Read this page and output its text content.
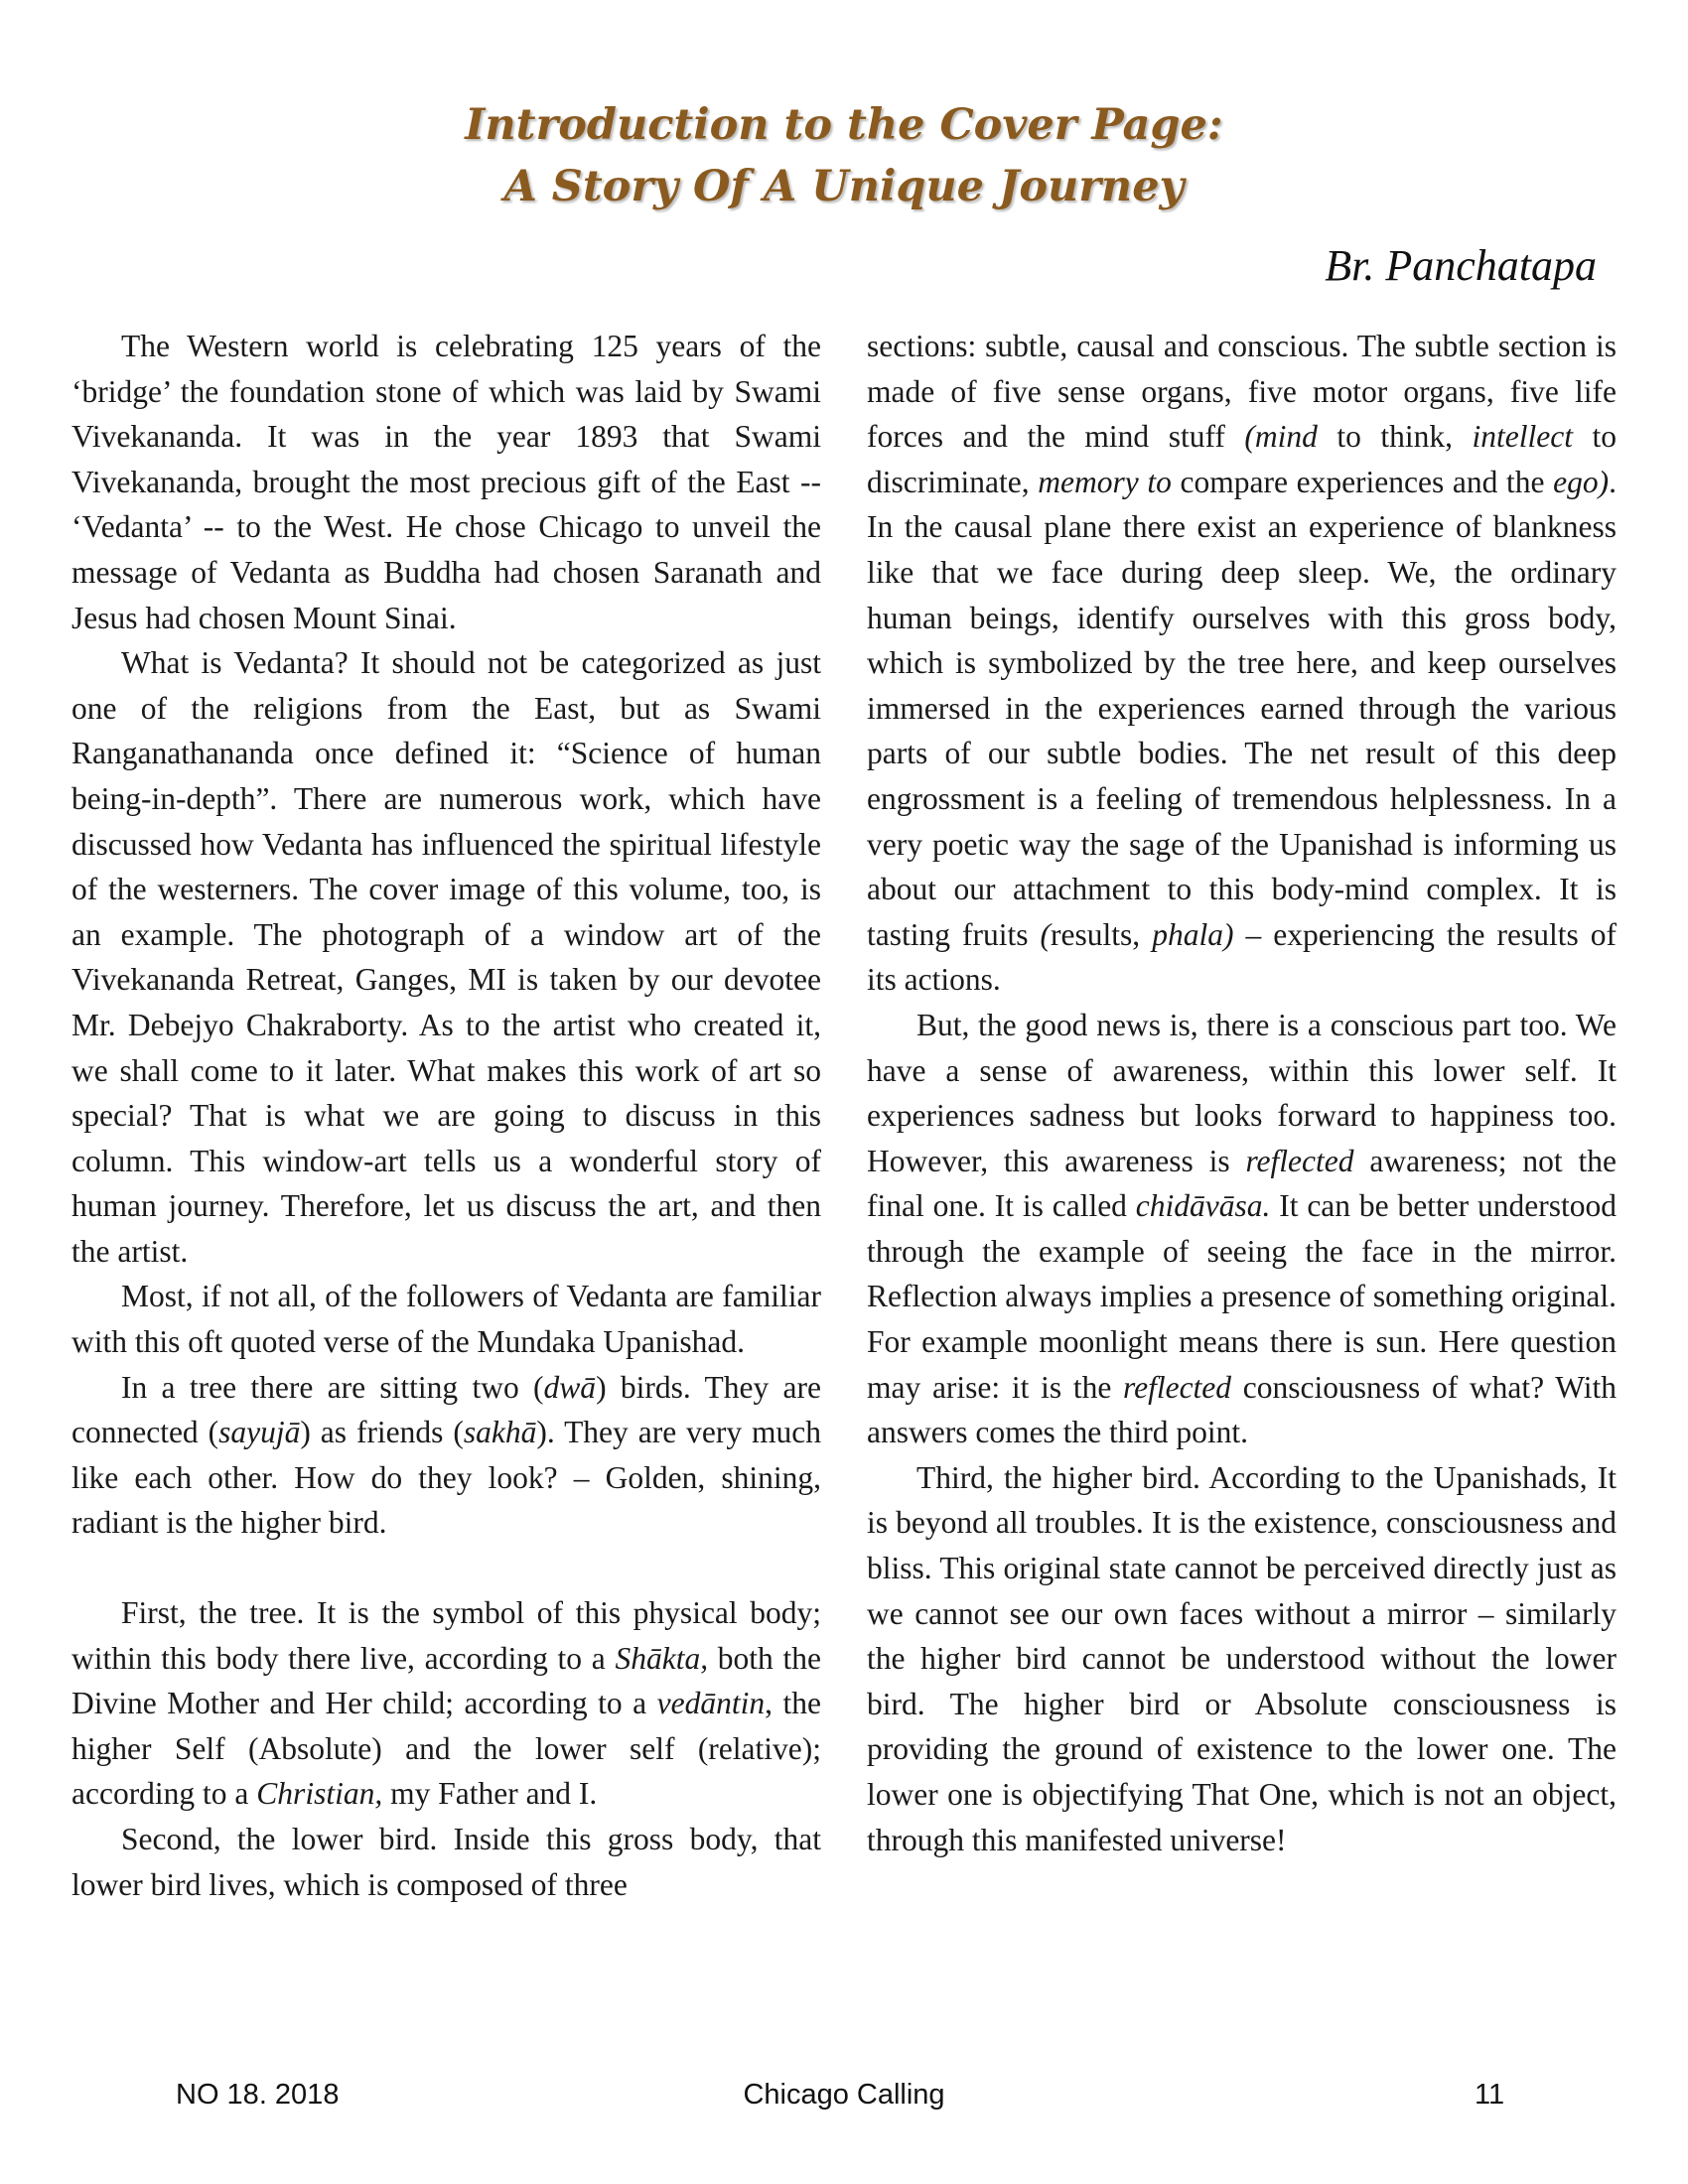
Introduction to the Cover Page:
A Story Of A Unique Journey
Br. Panchatapa

The Western world is celebrating 125 years of the ‘bridge’ the foundation stone of which was laid by Swami Vivekananda. It was in the year 1893 that Swami Vivekananda, brought the most precious gift of the East -- ‘Vedanta’ -- to the West. He chose Chicago to unveil the message of Vedanta as Buddha had chosen Saranath and Jesus had chosen Mount Sinai.

What is Vedanta? It should not be categorized as just one of the religions from the East, but as Swami Ranganathananda once defined it: “Science of human being-in-depth”. There are numerous work, which have discussed how Vedanta has influenced the spiritual lifestyle of the westerners. The cover image of this volume, too, is an example. The photograph of a window art of the Vivekananda Retreat, Ganges, MI is taken by our devotee Mr. Debejyo Chakraborty. As to the artist who created it, we shall come to it later. What makes this work of art so special? That is what we are going to discuss in this column. This window-art tells us a wonderful story of human journey. Therefore, let us discuss the art, and then the artist.

Most, if not all, of the followers of Vedanta are familiar with this oft quoted verse of the Mundaka Upanishad.

In a tree there are sitting two (dwā) birds. They are connected (sayujā) as friends (sakhā). They are very much like each other. How do they look? – Golden, shining, radiant is the higher bird.

First, the tree. It is the symbol of this physical body; within this body there live, according to a Shākta, both the Divine Mother and Her child; according to a vedāntin, the higher Self (Absolute) and the lower self (relative); according to a Christian, my Father and I.

Second, the lower bird. Inside this gross body, that lower bird lives, which is composed of three

sections: subtle, causal and conscious. The subtle section is made of five sense organs, five motor organs, five life forces and the mind stuff (mind to think, intellect to discriminate, memory to compare experiences and the ego). In the causal plane there exist an experience of blankness like that we face during deep sleep. We, the ordinary human beings, identify ourselves with this gross body, which is symbolized by the tree here, and keep ourselves immersed in the experiences earned through the various parts of our subtle bodies. The net result of this deep engrossment is a feeling of tremendous helplessness. In a very poetic way the sage of the Upanishad is informing us about our attachment to this body-mind complex. It is tasting fruits (results, phala) – experiencing the results of its actions.

But, the good news is, there is a conscious part too. We have a sense of awareness, within this lower self. It experiences sadness but looks forward to happiness too. However, this awareness is reflected awareness; not the final one. It is called chidāvāsa. It can be better understood through the example of seeing the face in the mirror. Reflection always implies a presence of something original. For example moonlight means there is sun. Here question may arise: it is the reflected consciousness of what? With answers comes the third point.

Third, the higher bird. According to the Upanishads, It is beyond all troubles. It is the existence, consciousness and bliss. This original state cannot be perceived directly just as we cannot see our own faces without a mirror – similarly the higher bird cannot be understood without the lower bird. The higher bird or Absolute consciousness is providing the ground of existence to the lower one. The lower one is objectifying That One, which is not an object, through this manifested universe!

NO 18. 2018	Chicago Calling	11
